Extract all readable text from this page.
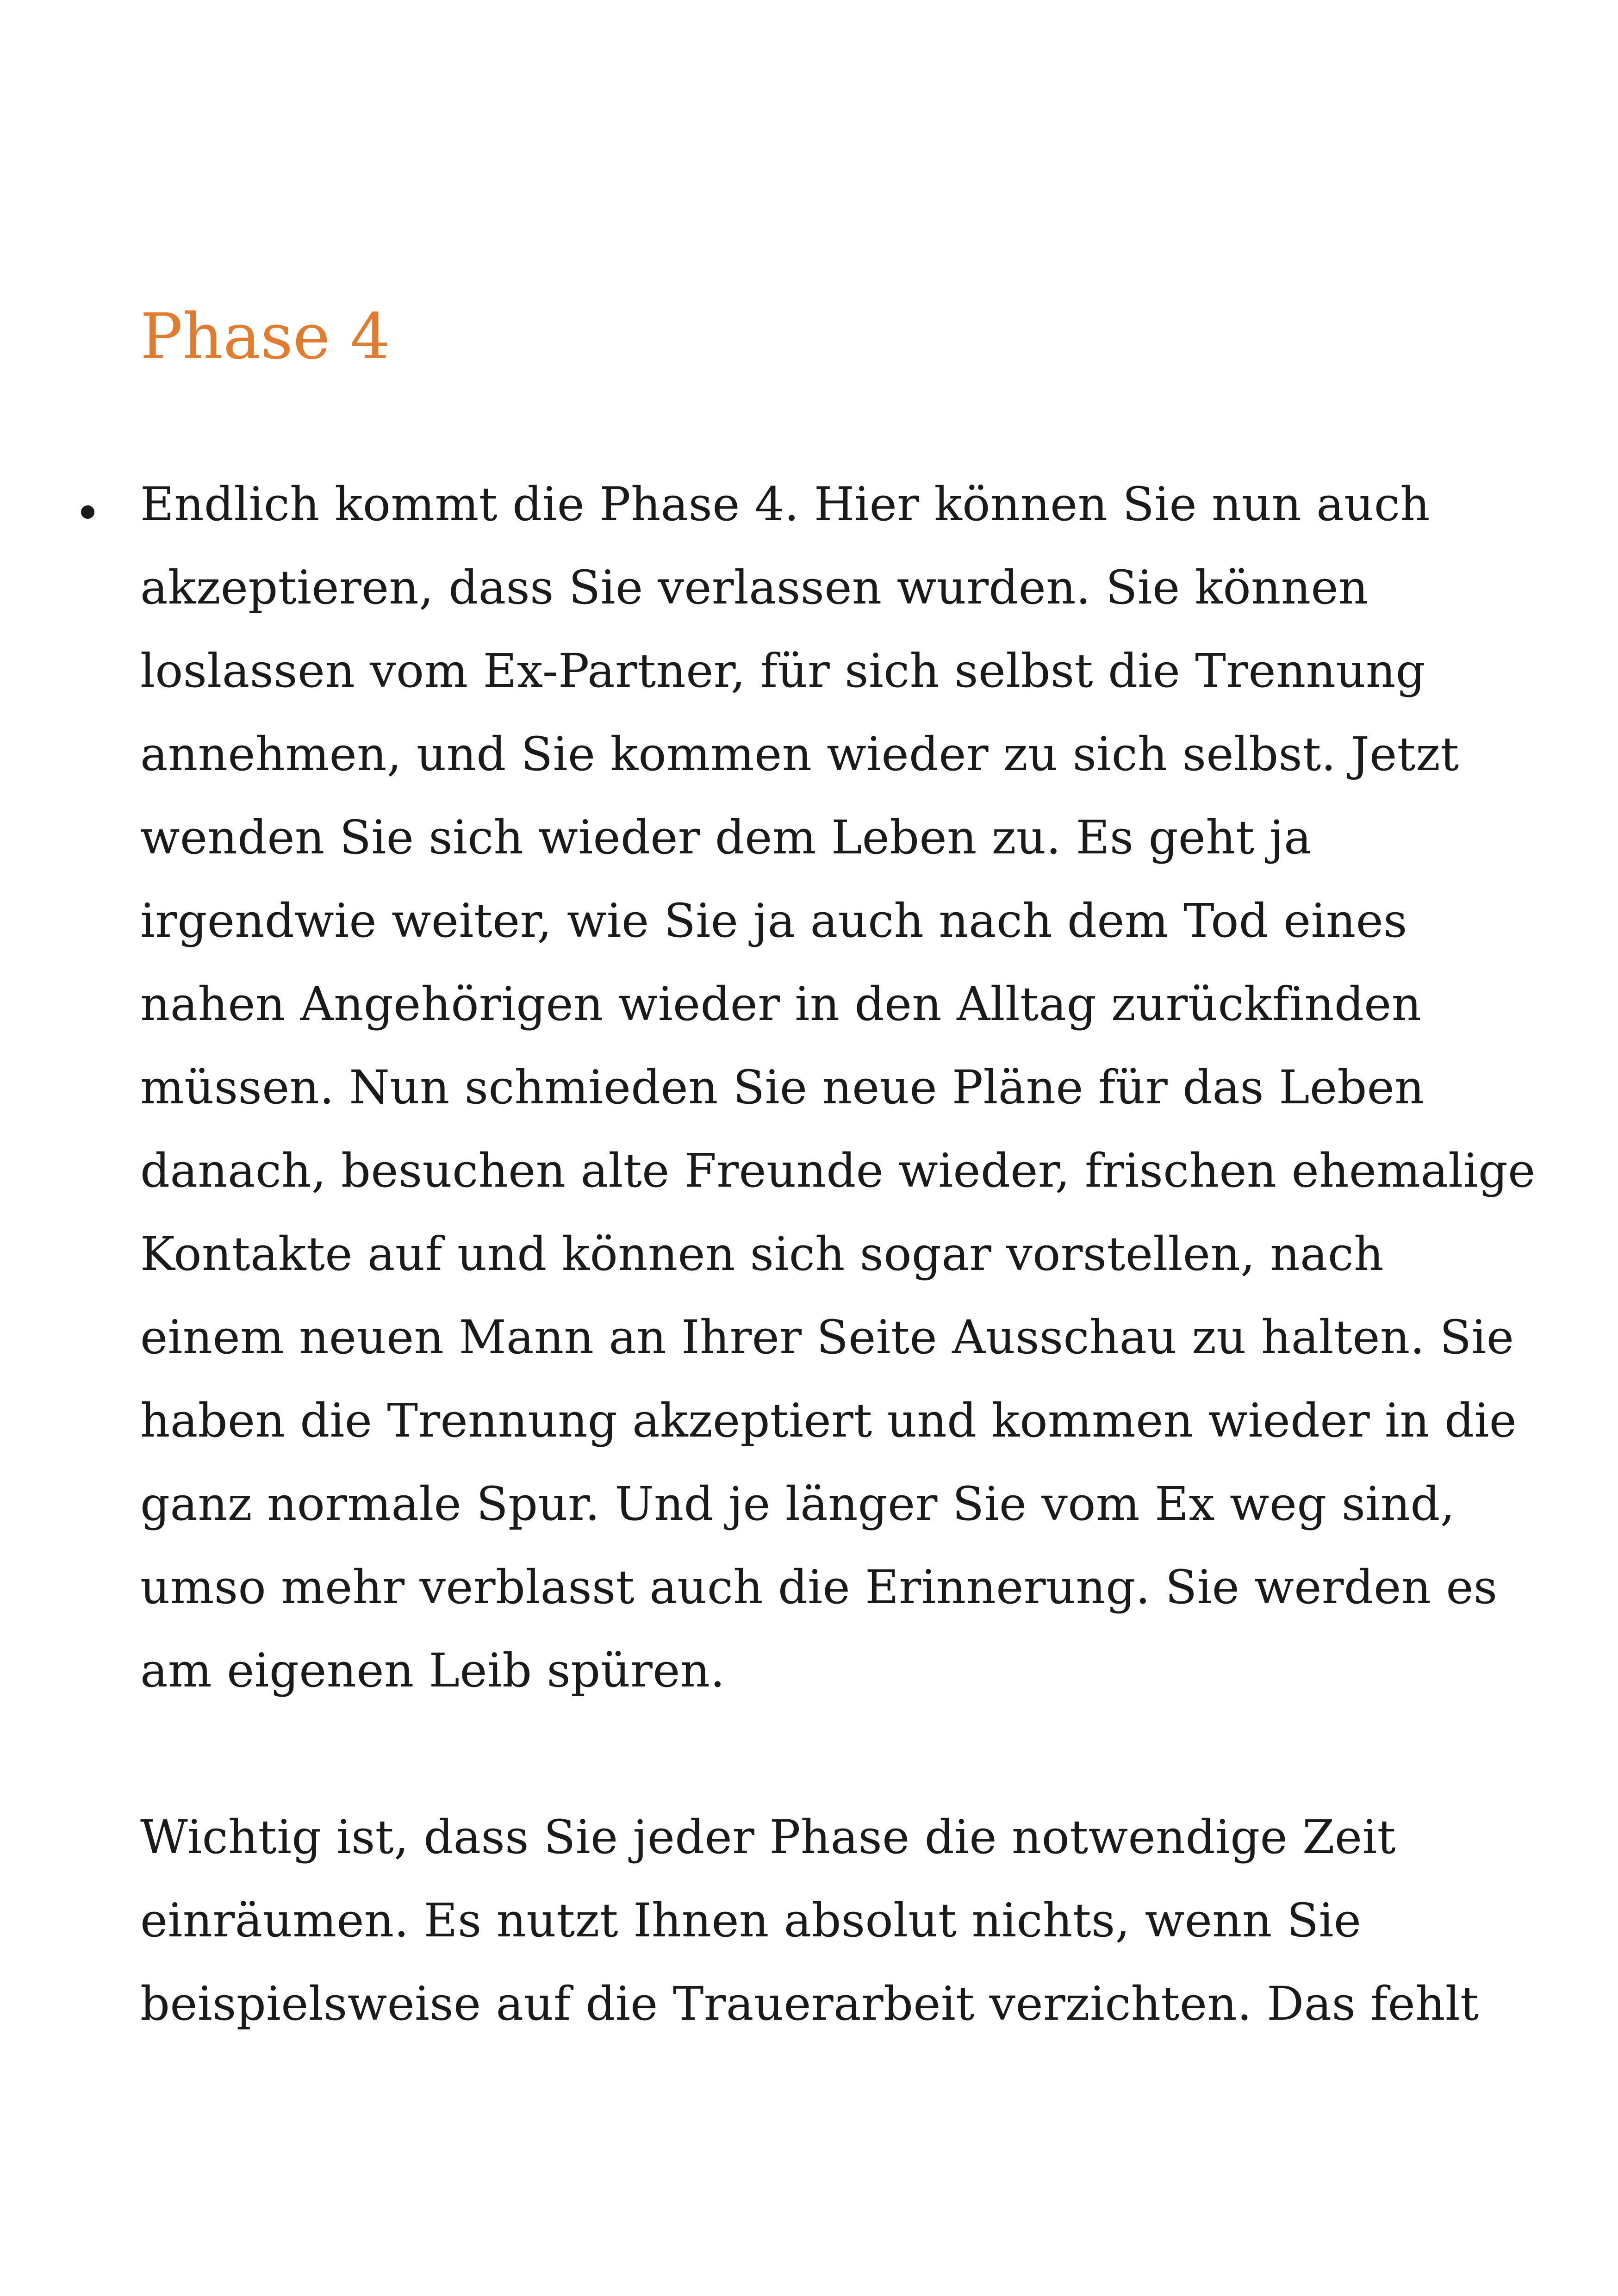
Phase 4
• Endlich kommt die Phase 4. Hier können Sie nun auch
akzeptieren, dass Sie verlassen wurden. Sie können
loslassen vom Ex-Partner, für sich selbst die Trennung
annehmen, und Sie kommen wieder zu sich selbst. Jetzt
wenden Sie sich wieder dem Leben zu. Es geht ja
irgendwie weiter, wie Sie ja auch nach dem Tod eines
nahen Angehörigen wieder in den Alltag zurückfinden
müssen. Nun schmieden Sie neue Pläne für das Leben
danach, besuchen alte Freunde wieder, frischen ehemalige
Kontakte auf und können sich sogar vorstellen, nach
einem neuen Mann an Ihrer Seite Ausschau zu halten. Sie
haben die Trennung akzeptiert und kommen wieder in die
ganz normale Spur. Und je länger Sie vom Ex weg sind,
umso mehr verblasst auch die Erinnerung. Sie werden es
am eigenen Leib spüren.
Wichtig ist, dass Sie jeder Phase die notwendige Zeit
einräumen. Es nutzt Ihnen absolut nichts, wenn Sie
beispielsweise auf die Trauerarbeit verzichten. Das fehlt
